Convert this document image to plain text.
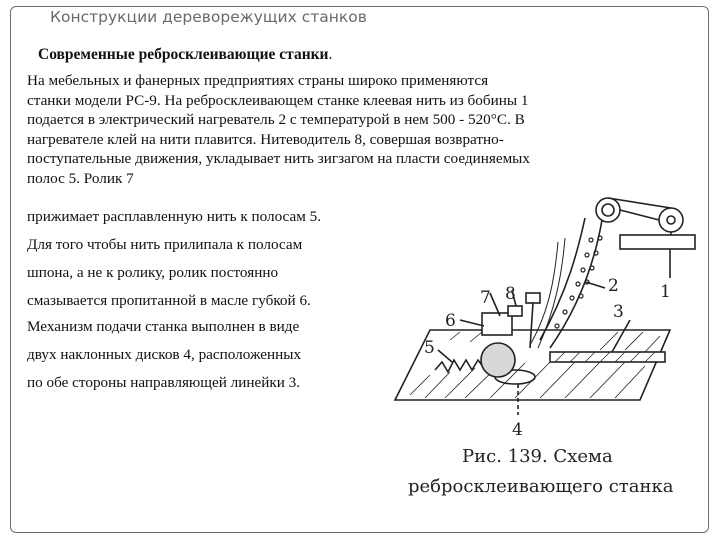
Конструкции дереворежущих станков
Современные ребросклеивающие станки.
На мебельных и фанерных предприятиях страны широко применяются
станки модели РС-9. На ребросклеивающем станке клеевая нить из бобины 1
подается в электрический нагреватель 2 с температурой в нем 500 - 520°С. В
нагревателе клей на нити плавится. Нитеводитель 8, совершая возвратно-
поступательные движения, укладывает нить зигзагом на пласти соединяемых
полос 5. Ролик 7
прижимает расплавленную нить к полосам 5.
Для того чтобы нить прилипала к полосам
шпона, а не к ролику, ролик постоянно
смазывается пропитанной в масле губкой 6.
Механизм подачи станка выполнен в виде
двух наклонных дисков 4, расположенных
по обе стороны направляющей линейки 3.
1
2
3
4
5
6
7 8
Рис. 139. Схема
ребросклеивающего станка
